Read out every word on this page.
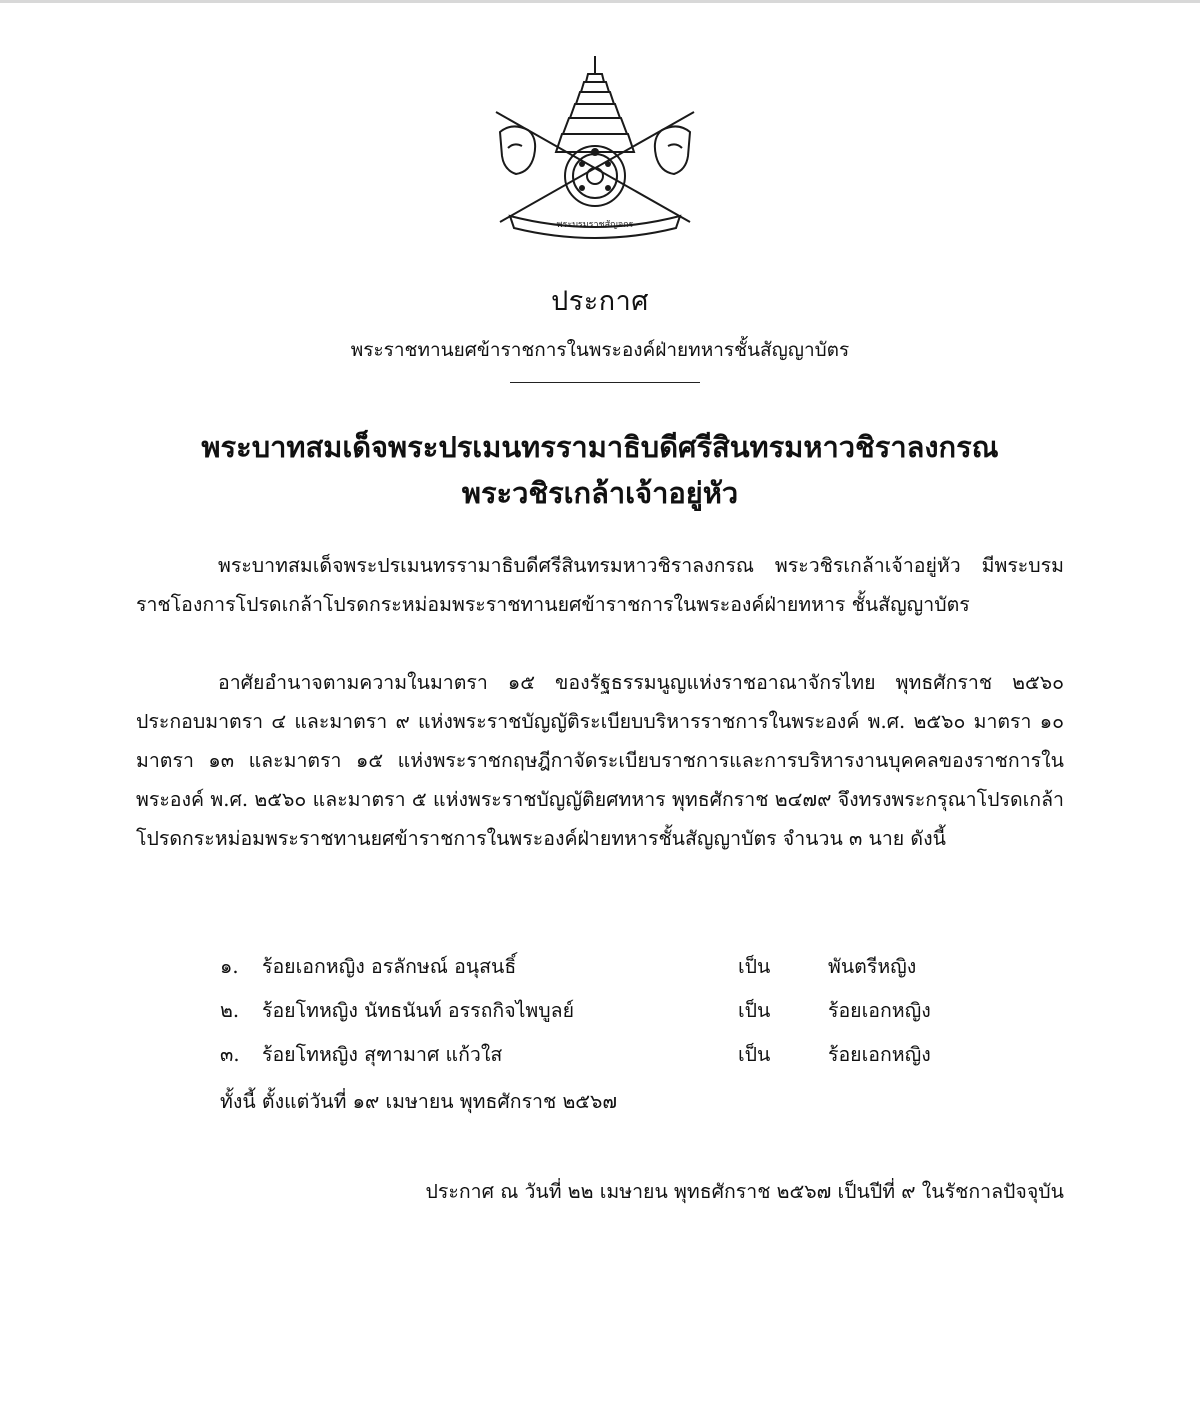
พระบรมราชสัญจกร
ประกาศ
พระราชทานยศข้าราชการในพระองค์ฝ่ายทหารชั้นสัญญาบัตร
พระบาทสมเด็จพระปรเมนทรรามาธิบดีศรีสินทรมหาวชิราลงกรณ
พระวชิรเกล้าเจ้าอยู่หัว

พระบาทสมเด็จพระปรเมนทรรามาธิบดีศรีสินทรมหาวชิราลงกรณ พระวชิรเกล้าเจ้าอยู่หัว มีพระบรมราชโองการโปรดเกล้าโปรดกระหม่อมพระราชทานยศข้าราชการในพระองค์ฝ่ายทหาร ชั้นสัญญาบัตร

อาศัยอำนาจตามความในมาตรา ๑๕ ของรัฐธรรมนูญแห่งราชอาณาจักรไทย พุทธศักราช ๒๕๖๐ ประกอบมาตรา ๔ และมาตรา ๙ แห่งพระราชบัญญัติระเบียบบริหารราชการในพระองค์ พ.ศ. ๒๕๖๐ มาตรา ๑๐ มาตรา ๑๓ และมาตรา ๑๕ แห่งพระราชกฤษฎีกาจัดระเบียบราชการและการบริหารงานบุคคลของราชการในพระองค์ พ.ศ. ๒๕๖๐ และมาตรา ๕ แห่งพระราชบัญญัติยศทหาร พุทธศักราช ๒๔๗๙ จึงทรงพระกรุณาโปรดเกล้าโปรดกระหม่อมพระราชทานยศข้าราชการในพระองค์ฝ่ายทหารชั้นสัญญาบัตร จำนวน ๓ นาย ดังนี้

๑. ร้อยเอกหญิง อรลักษณ์ อนุสนธิ์	เป็น	พันตรีหญิง
๒. ร้อยโทหญิง นัทธนันท์ อรรถกิจไพบูลย์	เป็น	ร้อยเอกหญิง
๓. ร้อยโทหญิง สุฑามาศ แก้วใส	เป็น	ร้อยเอกหญิง
ทั้งนี้ ตั้งแต่วันที่ ๑๙ เมษายน พุทธศักราช ๒๕๖๗
ประกาศ ณ วันที่ ๒๒ เมษายน พุทธศักราช ๒๕๖๗ เป็นปีที่ ๙ ในรัชกาลปัจจุบัน
